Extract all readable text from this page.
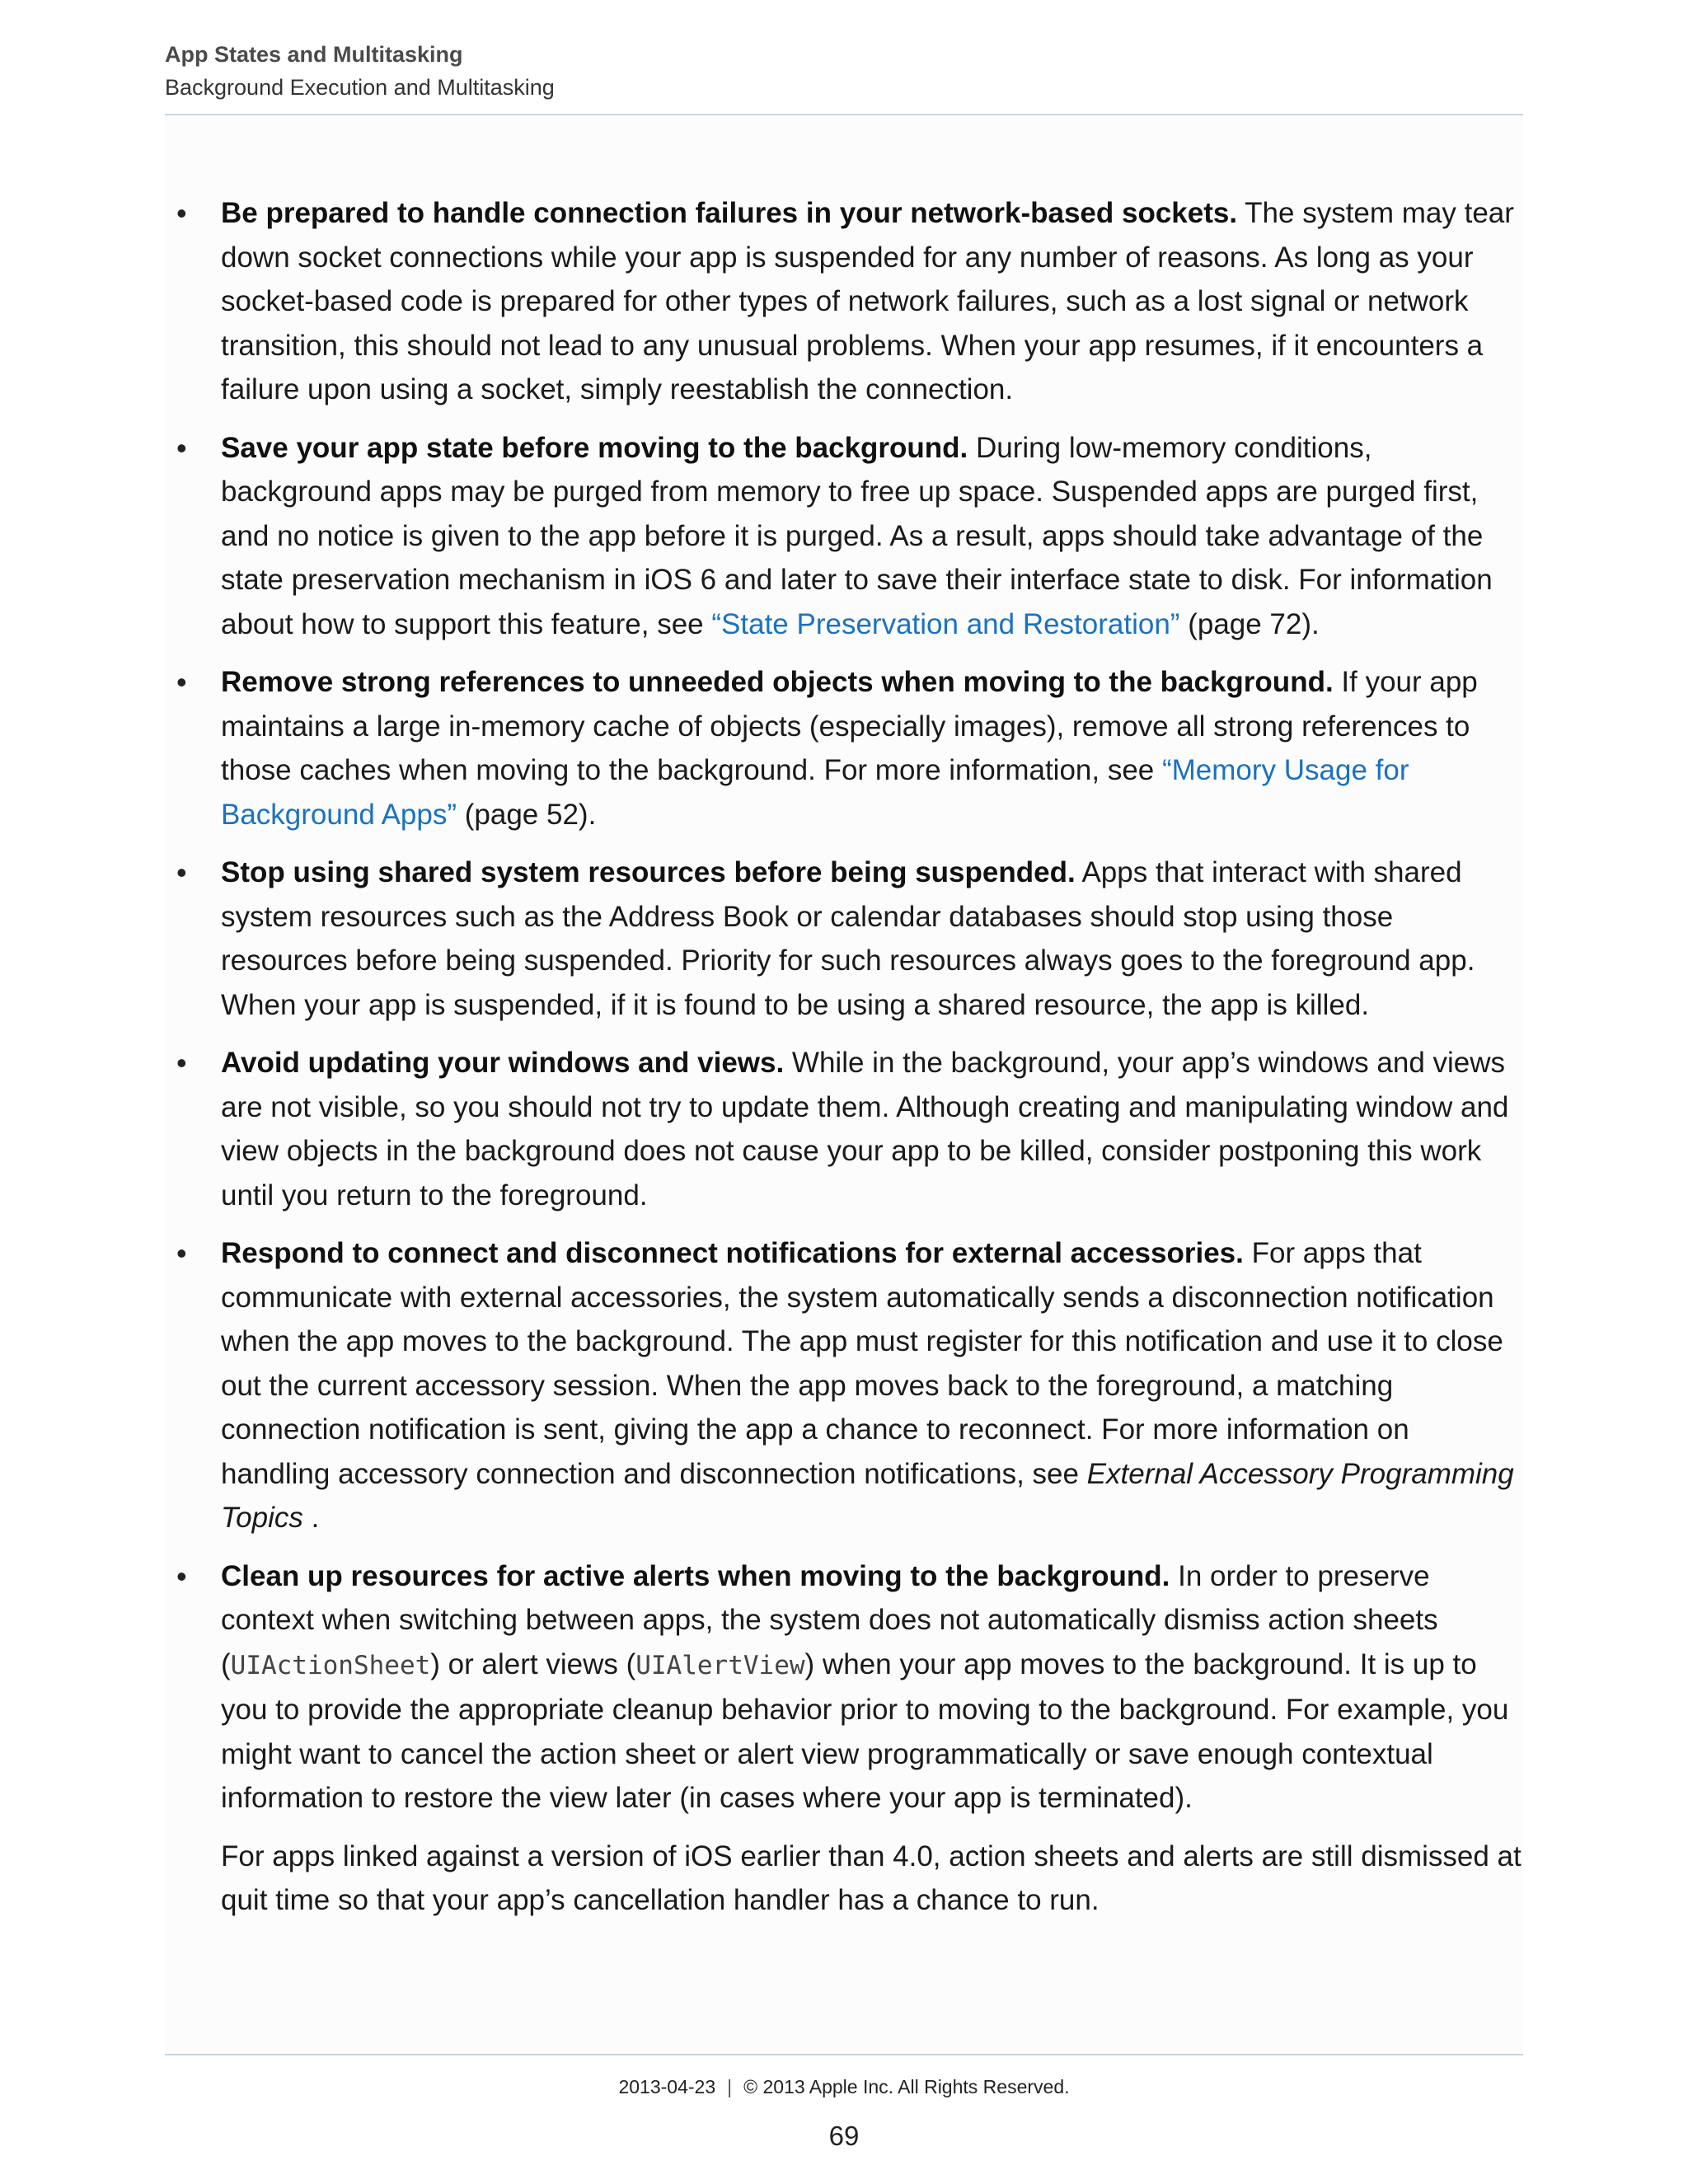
App States and Multitasking
Background Execution and Multitasking
• Be prepared to handle connection failures in your network-based sockets. The system may tear down socket connections while your app is suspended for any number of reasons. As long as your socket-based code is prepared for other types of network failures, such as a lost signal or network transition, this should not lead to any unusual problems. When your app resumes, if it encounters a failure upon using a socket, simply reestablish the connection.

• Save your app state before moving to the background. During low-memory conditions, background apps may be purged from memory to free up space. Suspended apps are purged first, and no notice is given to the app before it is purged. As a result, apps should take advantage of the state preservation mechanism in iOS 6 and later to save their interface state to disk. For information about how to support this feature, see “State Preservation and Restoration” (page 72).

• Remove strong references to unneeded objects when moving to the background. If your app maintains a large in-memory cache of objects (especially images), remove all strong references to those caches when moving to the background. For more information, see “Memory Usage for Background Apps” (page 52).

• Stop using shared system resources before being suspended. Apps that interact with shared system resources such as the Address Book or calendar databases should stop using those resources before being suspended. Priority for such resources always goes to the foreground app. When your app is suspended, if it is found to be using a shared resource, the app is killed.

• Avoid updating your windows and views. While in the background, your app’s windows and views are not visible, so you should not try to update them. Although creating and manipulating window and view objects in the background does not cause your app to be killed, consider postponing this work until you return to the foreground.

• Respond to connect and disconnect notifications for external accessories. For apps that communicate with external accessories, the system automatically sends a disconnection notification when the app moves to the background. The app must register for this notification and use it to close out the current accessory session. When the app moves back to the foreground, a matching connection notification is sent, giving the app a chance to reconnect. For more information on handling accessory connection and disconnection notifications, see External Accessory Programming Topics .

• Clean up resources for active alerts when moving to the background. In order to preserve context when switching between apps, the system does not automatically dismiss action sheets (UIActionSheet) or alert views (UIAlertView) when your app moves to the background. It is up to you to provide the appropriate cleanup behavior prior to moving to the background. For example, you might want to cancel the action sheet or alert view programmatically or save enough contextual information to restore the view later (in cases where your app is terminated).

For apps linked against a version of iOS earlier than 4.0, action sheets and alerts are still dismissed at quit time so that your app’s cancellation handler has a chance to run.

2013-04-23 | © 2013 Apple Inc. All Rights Reserved.
69
